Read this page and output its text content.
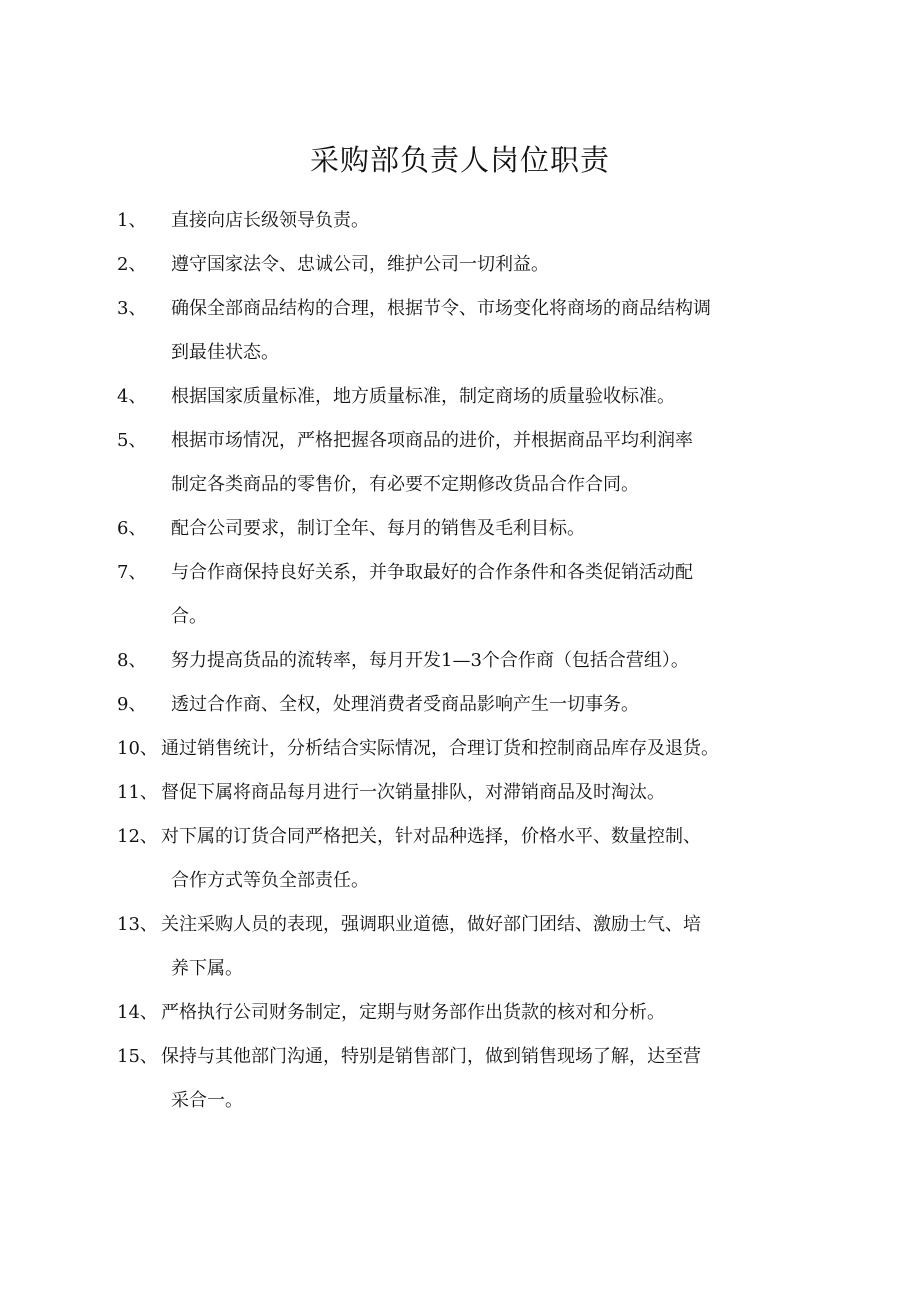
采购部负责人岗位职责
1、 直接向店长级领导负责。
2、 遵守国家法令、忠诚公司，维护公司一切利益。
3、 确保全部商品结构的合理，根据节令、市场变化将商场的商品结构调
到最佳状态。
4、 根据国家质量标准，地方质量标准，制定商场的质量验收标准。
5、 根据市场情况，严格把握各项商品的进价，并根据商品平均利润率
制定各类商品的零售价，有必要不定期修改货品合作合同。
6、 配合公司要求，制订全年、每月的销售及毛利目标。
7、 与合作商保持良好关系，并争取最好的合作条件和各类促销活动配
合。
8、 努力提高货品的流转率，每月开发1—3个合作商（包括合营组）。
9、 透过合作商、全权，处理消费者受商品影响产生一切事务。
10、 通过销售统计，分析结合实际情况，合理订货和控制商品库存及退货。
11、 督促下属将商品每月进行一次销量排队，对滞销商品及时淘汰。
12、 对下属的订货合同严格把关，针对品种选择，价格水平、数量控制、
合作方式等负全部责任。
13、 关注采购人员的表现，强调职业道德，做好部门团结、激励士气、培
养下属。
14、 严格执行公司财务制定，定期与财务部作出货款的核对和分析。
15、 保持与其他部门沟通，特别是销售部门，做到销售现场了解，达至营
采合一。
